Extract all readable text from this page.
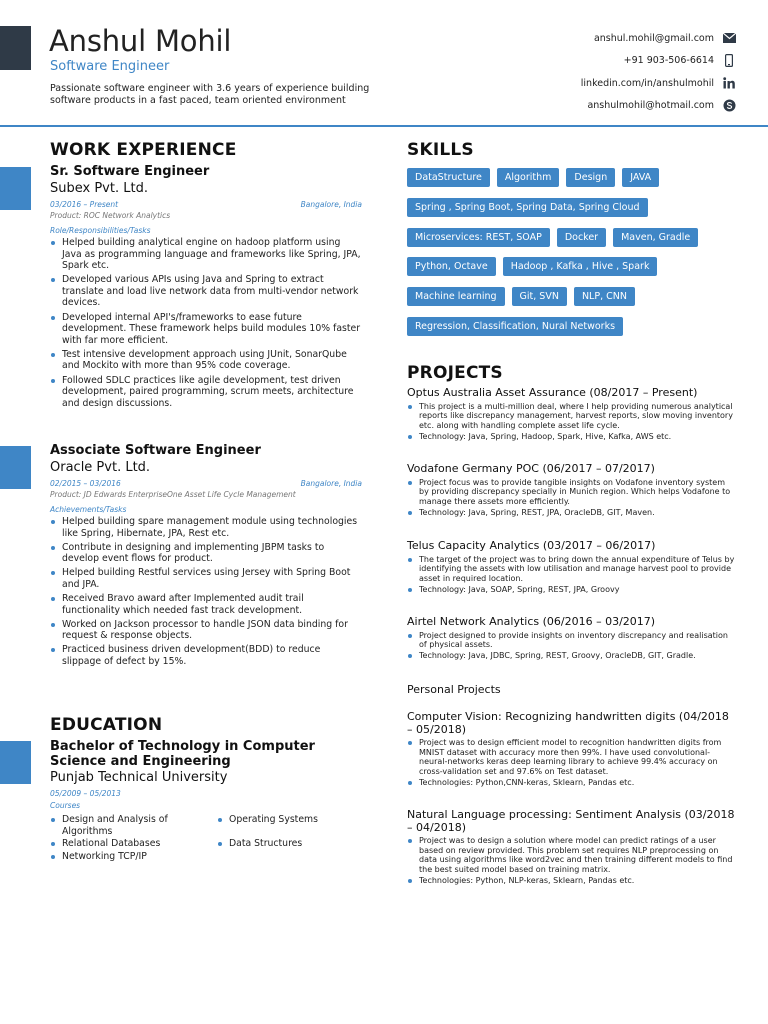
Anshul Mohil
Software Engineer

Passionate software engineer with 3.6 years of experience building software products in a fast paced, team oriented environment

anshul.mohil@gmail.com
+91 903-506-6614
linkedin.com/in/anshulmohil
anshulmohil@hotmail.com
WORK EXPERIENCE
Sr. Software Engineer
Subex Pvt. Ltd.
03/2016 – Present	Bangalore, India
Product: ROC Network Analytics
Role/Responsibilities/Tasks
Helped building analytical engine on hadoop platform using Java as programming language and frameworks like Spring, JPA, Spark etc.
Developed various APIs using Java and Spring to extract translate and load live network data from multi-vendor network devices.
Developed internal API's/frameworks to ease future development. These framework helps build modules 10% faster with far more efficient.
Test intensive development approach using JUnit, SonarQube and Mockito with more than 95% code coverage.
Followed SDLC practices like agile development, test driven development, paired programming, scrum meets, architecture and design discussions.
Associate Software Engineer
Oracle Pvt. Ltd.
02/2015 – 03/2016	Bangalore, India
Product: JD Edwards EnterpriseOne Asset Life Cycle Management
Achievements/Tasks
Helped building spare management module using technologies like Spring, Hibernate, JPA, Rest etc.
Contribute in designing and implementing JBPM tasks to develop event flows for product.
Helped building Restful services using Jersey with Spring Boot and JPA.
Received Bravo award after Implemented audit trail functionality which needed fast track development.
Worked on Jackson processor to handle JSON data binding for request & response objects.
Practiced business driven development(BDD) to reduce slippage of defect by 15%.
EDUCATION
Bachelor of Technology in Computer Science and Engineering
Punjab Technical University
05/2009 – 05/2013
Courses
Design and Analysis of Algorithms
Relational Databases
Networking TCP/IP
Operating Systems
Data Structures
SKILLS
DataStructure	Algorithm	Design	JAVA
Spring , Spring Boot, Spring Data, Spring Cloud
Microservices: REST, SOAP	Docker	Maven, Gradle
Python, Octave	Hadoop , Kafka , Hive , Spark
Machine learning	Git, SVN	NLP, CNN
Regression, Classification, Nural Networks
PROJECTS
Optus Australia Asset Assurance (08/2017 – Present)
This project is a multi-million deal, where I help providing numerous analytical reports like discrepancy management, harvest reports, slow moving inventory etc. along with handling complete asset life cycle.
Technology: Java, Spring, Hadoop, Spark, Hive, Kafka, AWS etc.
Vodafone Germany POC (06/2017 – 07/2017)
Project focus was to provide tangible insights on Vodafone inventory system by providing discrepancy specially in Munich region. Which helps Vodafone to manage there assets more efficiently.
Technology: Java, Spring, REST, JPA, OracleDB, GIT, Maven.
Telus Capacity Analytics (03/2017 – 06/2017)
The target of the project was to bring down the annual expenditure of Telus by identifying the assets with low utilisation and manage harvest pool to provide asset in required location.
Technology: Java, SOAP, Spring, REST, JPA, Groovy
Airtel Network Analytics (06/2016 – 03/2017)
Project designed to provide insights on inventory discrepancy and realisation of physical assets.
Technology: Java, JDBC, Spring, REST, Groovy, OracleDB, GIT, Gradle.
Personal Projects
Computer Vision: Recognizing handwritten digits (04/2018 – 05/2018)
Project was to design efficient model to recognition handwritten digits from MNIST dataset with accuracy more then 99%. I have used convolutional-neural-networks keras deep learning library to achieve 99.4% accuracy on cross-validation set and 97.6% on Test dataset.
Technologies: Python,CNN-keras, Sklearn, Pandas etc.
Natural Language processing: Sentiment Analysis (03/2018 – 04/2018)
Project was to design a solution where model can predict ratings of a user based on review provided. This problem set requires NLP preprocessing on data using algorithms like word2vec and then training different models to find the best suited model based on training matrix.
Technologies: Python, NLP-keras, Sklearn, Pandas etc.
